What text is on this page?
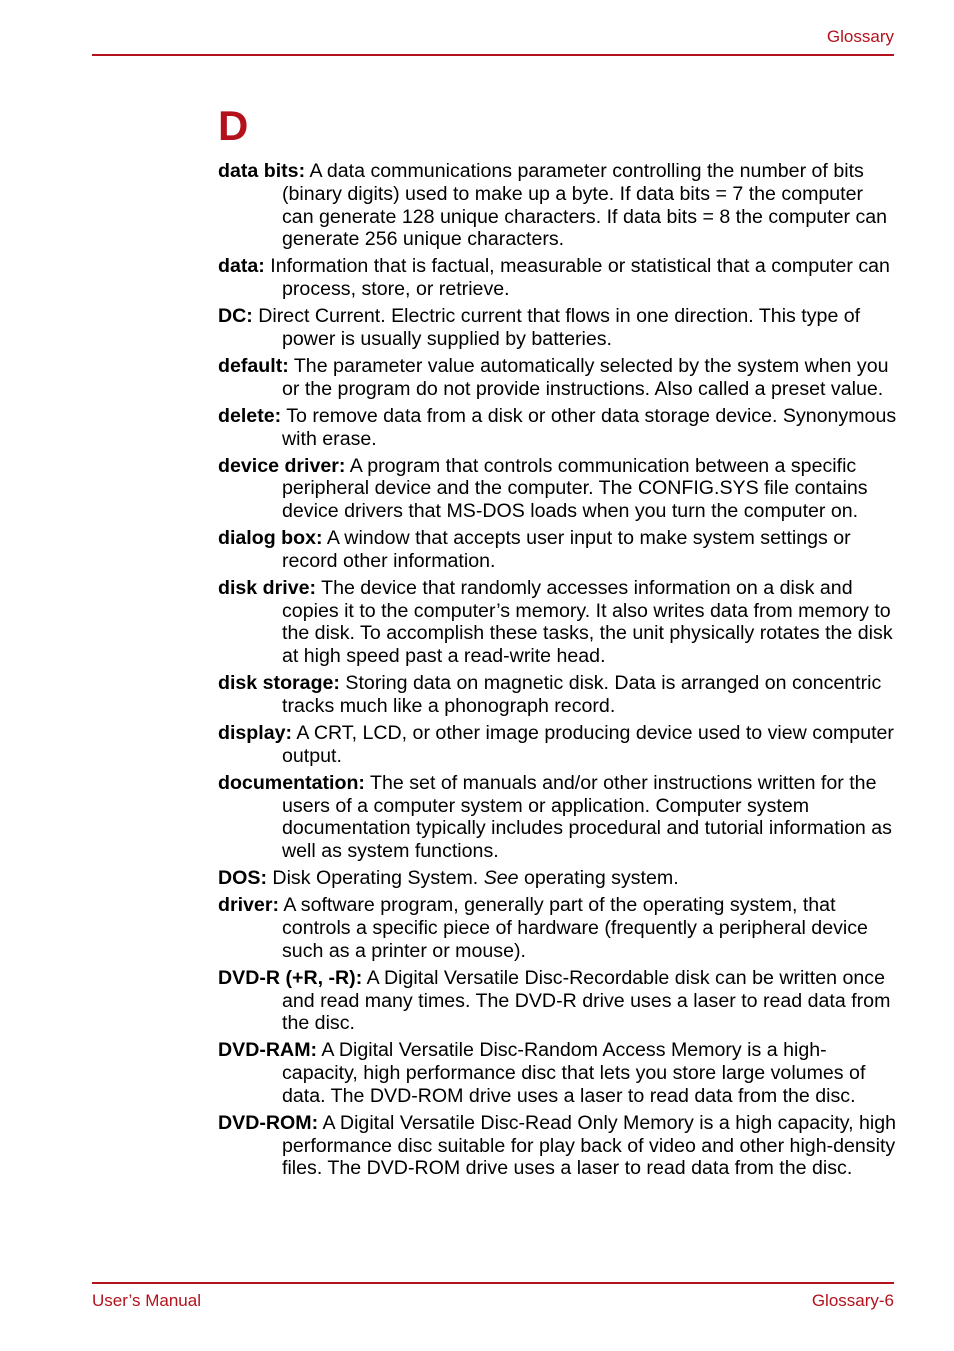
Glossary
D

data bits: A data communications parameter controlling the number of bits (binary digits) used to make up a byte. If data bits = 7 the computer can generate 128 unique characters. If data bits = 8 the computer can generate 256 unique characters.

data: Information that is factual, measurable or statistical that a computer can process, store, or retrieve.

DC: Direct Current. Electric current that flows in one direction. This type of power is usually supplied by batteries.

default: The parameter value automatically selected by the system when you or the program do not provide instructions. Also called a preset value.

delete: To remove data from a disk or other data storage device. Synonymous with erase.

device driver: A program that controls communication between a specific peripheral device and the computer. The CONFIG.SYS file contains device drivers that MS-DOS loads when you turn the computer on.

dialog box: A window that accepts user input to make system settings or record other information.

disk drive: The device that randomly accesses information on a disk and copies it to the computer’s memory. It also writes data from memory to the disk. To accomplish these tasks, the unit physically rotates the disk at high speed past a read-write head.

disk storage: Storing data on magnetic disk. Data is arranged on concentric tracks much like a phonograph record.

display: A CRT, LCD, or other image producing device used to view computer output.

documentation: The set of manuals and/or other instructions written for the users of a computer system or application. Computer system documentation typically includes procedural and tutorial information as well as system functions.

DOS: Disk Operating System. See operating system.

driver: A software program, generally part of the operating system, that controls a specific piece of hardware (frequently a peripheral device such as a printer or mouse).

DVD-R (+R, -R): A Digital Versatile Disc-Recordable disk can be written once and read many times. The DVD-R drive uses a laser to read data from the disc.

DVD-RAM: A Digital Versatile Disc-Random Access Memory is a high-capacity, high performance disc that lets you store large volumes of data. The DVD-ROM drive uses a laser to read data from the disc.

DVD-ROM: A Digital Versatile Disc-Read Only Memory is a high capacity, high performance disc suitable for play back of video and other high-density files. The DVD-ROM drive uses a laser to read data from the disc.

User’s Manual	Glossary-6
